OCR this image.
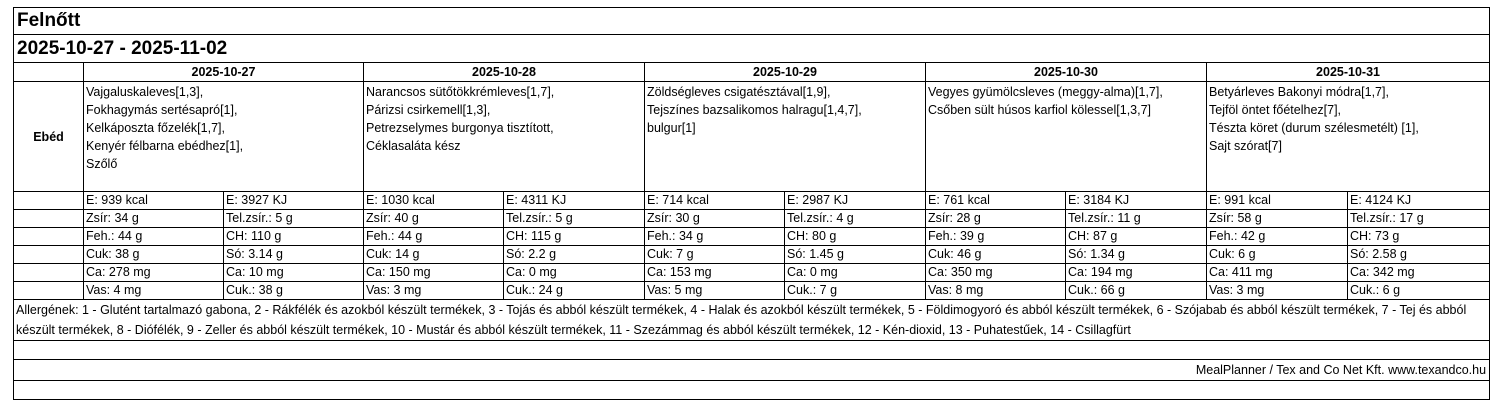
Felnőtt										
2025-10-27 - 2025-11-02										
	2025-10-27		2025-10-28		2025-10-29		2025-10-30		2025-10-31	
Ebéd	Vajgaluskaleves[1,3],
Fokhagymás sertésapró[1],
Kelkáposzta főzelék[1,7],
Kenyér félbarna ebédhez[1],
Szőlő		Narancsos sütőtökkrémleves[1,7],
Párizsi csirkemell[1,3],
Petrezselymes burgonya tisztított,
Céklasaláta kész		Zöldségleves csigatésztával[1,9],
Tejszínes bazsalikomos halragu[1,4,7],
bulgur[1]		Vegyes gyümölcsleves (meggy-alma)[1,7],
Csőben sült húsos karfiol kölessel[1,3,7]		Betyárleves Bakonyi módra[1,7],
Tejföl öntet főételhez[7],
Tészta köret (durum szélesmetélt) [1],
Sajt szórat[7]	

	E: 939 kcal	E: 3927 KJ	E: 1030 kcal	E: 4311 KJ	E: 714 kcal	E: 2987 KJ	E: 761 kcal	E: 3184 KJ	E: 991 kcal	E: 4124 KJ
	Zsír: 34 g	Tel.zsír.: 5 g	Zsír: 40 g	Tel.zsír.: 5 g	Zsír: 30 g	Tel.zsír.: 4 g	Zsír: 28 g	Tel.zsír.: 11 g	Zsír: 58 g	Tel.zsír.: 17 g
	Feh.: 44 g	CH: 110 g	Feh.: 44 g	CH: 115 g	Feh.: 34 g	CH: 80 g	Feh.: 39 g	CH: 87 g	Feh.: 42 g	CH: 73 g
	Cuk: 38 g	Só: 3.14 g	Cuk: 14 g	Só: 2.2 g	Cuk: 7 g	Só: 1.45 g	Cuk: 46 g	Só: 1.34 g	Cuk: 6 g	Só: 2.58 g
	Ca: 278 mg	Ca: 10 mg	Ca: 150 mg	Ca: 0 mg	Ca: 153 mg	Ca: 0 mg	Ca: 350 mg	Ca: 194 mg	Ca: 411 mg	Ca: 342 mg
	Vas: 4 mg	Cuk.: 38 g	Vas: 3 mg	Cuk.: 24 g	Vas: 5 mg	Cuk.: 7 g	Vas: 8 mg	Cuk.: 66 g	Vas: 3 mg	Cuk.: 6 g
Allergének: 1 - Glutént tartalmazó gabona, 2 - Rákfélék és azokból készült termékek, 3 - Tojás és abból készült termékek, 4 - Halak és azokból készült termékek, 5 - Földimogyoró és abból készült termékek, 6 - Szójabab és abból készült termékek, 7 - Tej és abból készült termékek, 8 - Diófélék, 9 - Zeller és abból készült termékek, 10 - Mustár és abból készült termékek, 11 - Szezámmag és abból készült termékek, 12 - Kén-dioxid, 13 - Puhatestűek, 14 - Csillagfürt										

MealPlanner / Tex and Co Net Kft. www.texandco.hu										
